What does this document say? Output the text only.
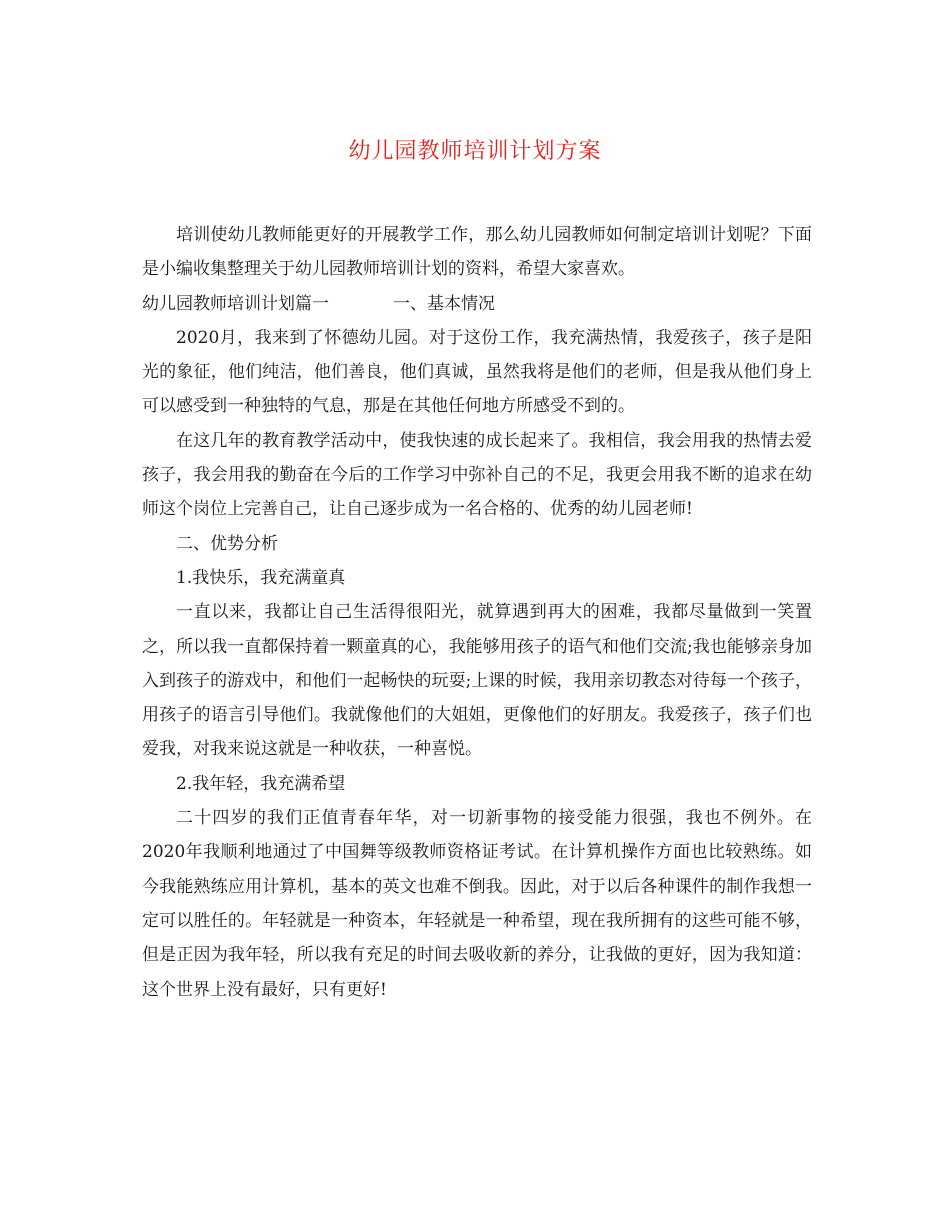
幼儿园教师培训计划方案

培训使幼儿教师能更好的开展教学工作，那么幼儿园教师如何制定培训计划呢？下面是小编收集整理关于幼儿园教师培训计划的资料，希望大家喜欢。

幼儿园教师培训计划篇一	一、基本情况

2020月，我来到了怀德幼儿园。对于这份工作，我充满热情，我爱孩子，孩子是阳光的象征，他们纯洁，他们善良，他们真诚，虽然我将是他们的老师，但是我从他们身上可以感受到一种独特的气息，那是在其他任何地方所感受不到的。

在这几年的教育教学活动中，使我快速的成长起来了。我相信，我会用我的热情去爱孩子，我会用我的勤奋在今后的工作学习中弥补自己的不足，我更会用我不断的追求在幼师这个岗位上完善自己，让自己逐步成为一名合格的、优秀的幼儿园老师!

二、优势分析

1.我快乐，我充满童真

一直以来，我都让自己生活得很阳光，就算遇到再大的困难，我都尽量做到一笑置之，所以我一直都保持着一颗童真的心，我能够用孩子的语气和他们交流;我也能够亲身加入到孩子的游戏中，和他们一起畅快的玩耍;上课的时候，我用亲切教态对待每一个孩子，用孩子的语言引导他们。我就像他们的大姐姐，更像他们的好朋友。我爱孩子，孩子们也爱我，对我来说这就是一种收获，一种喜悦。

2.我年轻，我充满希望

二十四岁的我们正值青春年华，对一切新事物的接受能力很强，我也不例外。在2020年我顺利地通过了中国舞等级教师资格证考试。在计算机操作方面也比较熟练。如今我能熟练应用计算机，基本的英文也难不倒我。因此，对于以后各种课件的制作我想一定可以胜任的。年轻就是一种资本，年轻就是一种希望，现在我所拥有的这些可能不够，但是正因为我年轻，所以我有充足的时间去吸收新的养分，让我做的更好，因为我知道：这个世界上没有最好，只有更好!
